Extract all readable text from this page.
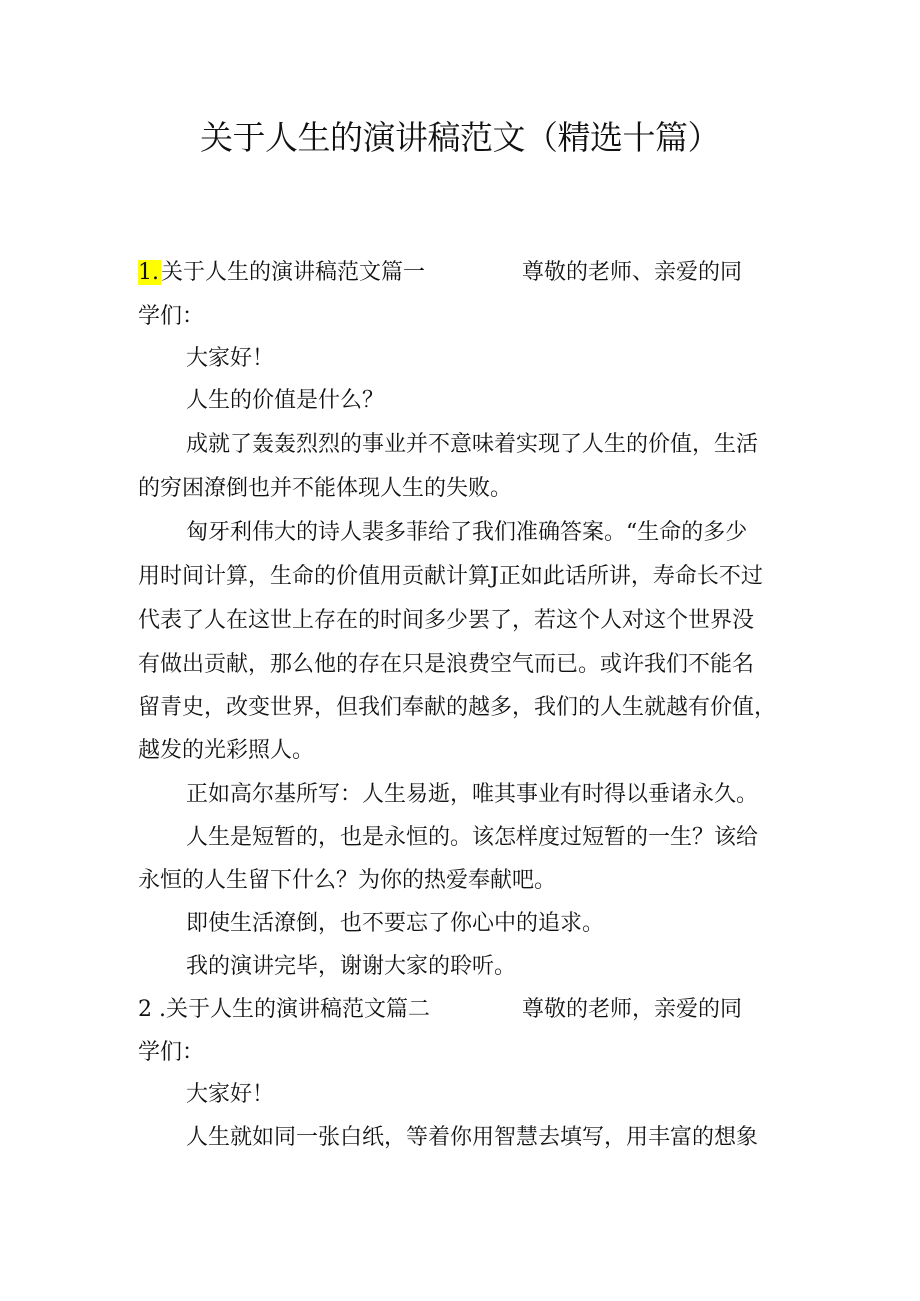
关于人生的演讲稿范文（精选十篇）
1.关于人生的演讲稿范文篇一	尊敬的老师、亲爱的同
学们：
大家好！
人生的价值是什么？
成就了轰轰烈烈的事业并不意味着实现了人生的价值，生活
的穷困潦倒也并不能体现人生的失败。
匈牙利伟大的诗人裴多菲给了我们准确答案。“生命的多少
用时间计算，生命的价值用贡献计算J正如此话所讲，寿命长不过
代表了人在这世上存在的时间多少罢了，若这个人对这个世界没
有做出贡献，那么他的存在只是浪费空气而已。或许我们不能名
留青史，改变世界，但我们奉献的越多，我们的人生就越有价值，
越发的光彩照人。
正如高尔基所写：人生易逝，唯其事业有时得以垂诸永久。
人生是短暂的，也是永恒的。该怎样度过短暂的一生？该给
永恒的人生留下什么？为你的热爱奉献吧。
即使生活潦倒，也不要忘了你心中的追求。
我的演讲完毕，谢谢大家的聆听。
2 .关于人生的演讲稿范文篇二	尊敬的老师，亲爱的同
学们：
大家好！
人生就如同一张白纸，等着你用智慧去填写，用丰富的想象
